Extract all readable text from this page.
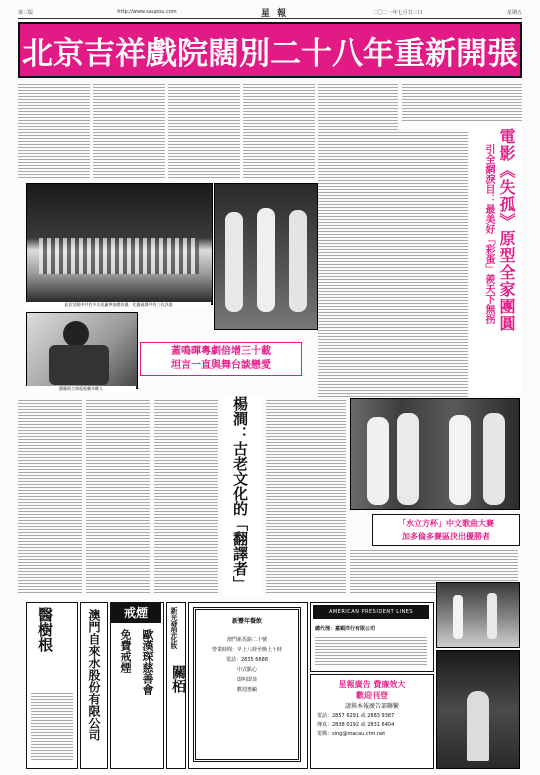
第三版	http://www.saupou.com	星 報	二〇二一年七月廿三日	星期五
北京吉祥戲院闊別二十八年重新開張
電影《失孤》原型全家團圓
引全網淚目：最美好「彩蛋」羨天下無拐
此次活動中共有多名佳麗參加總決賽，比賽現場共有三位評委
劉曉炳主演電視劇年輕人
蓋鳴暉粵劇倍增三十載
坦言一直與舞台談戀愛
楊澗：古老文化的「翻譯者」	「水立方杯」中文歌曲大賽
加多倫多賽區決出優勝者
醫樹根	澳門自來水股份有限公司	戒煙
免費戒煙 歐漢琛慈善會
新光發型化妝
關栢
新豐年餐飲
澳門新馬路二十號
營業時間：早上八時至晚上十時
電話：2835 6688
中式點心
即叫即蒸
歡迎惠顧
AMERICAN PRESIDENT LINES
總代理：嘉順洋行有限公司
星報廣告 費廉效大
歡迎刊登
請與本報廣告部聯繫
電話：2857 6291 或 2883 9387
傳真：2838 0192 或 2831 6404
電郵：sing@macau.ctm.net
